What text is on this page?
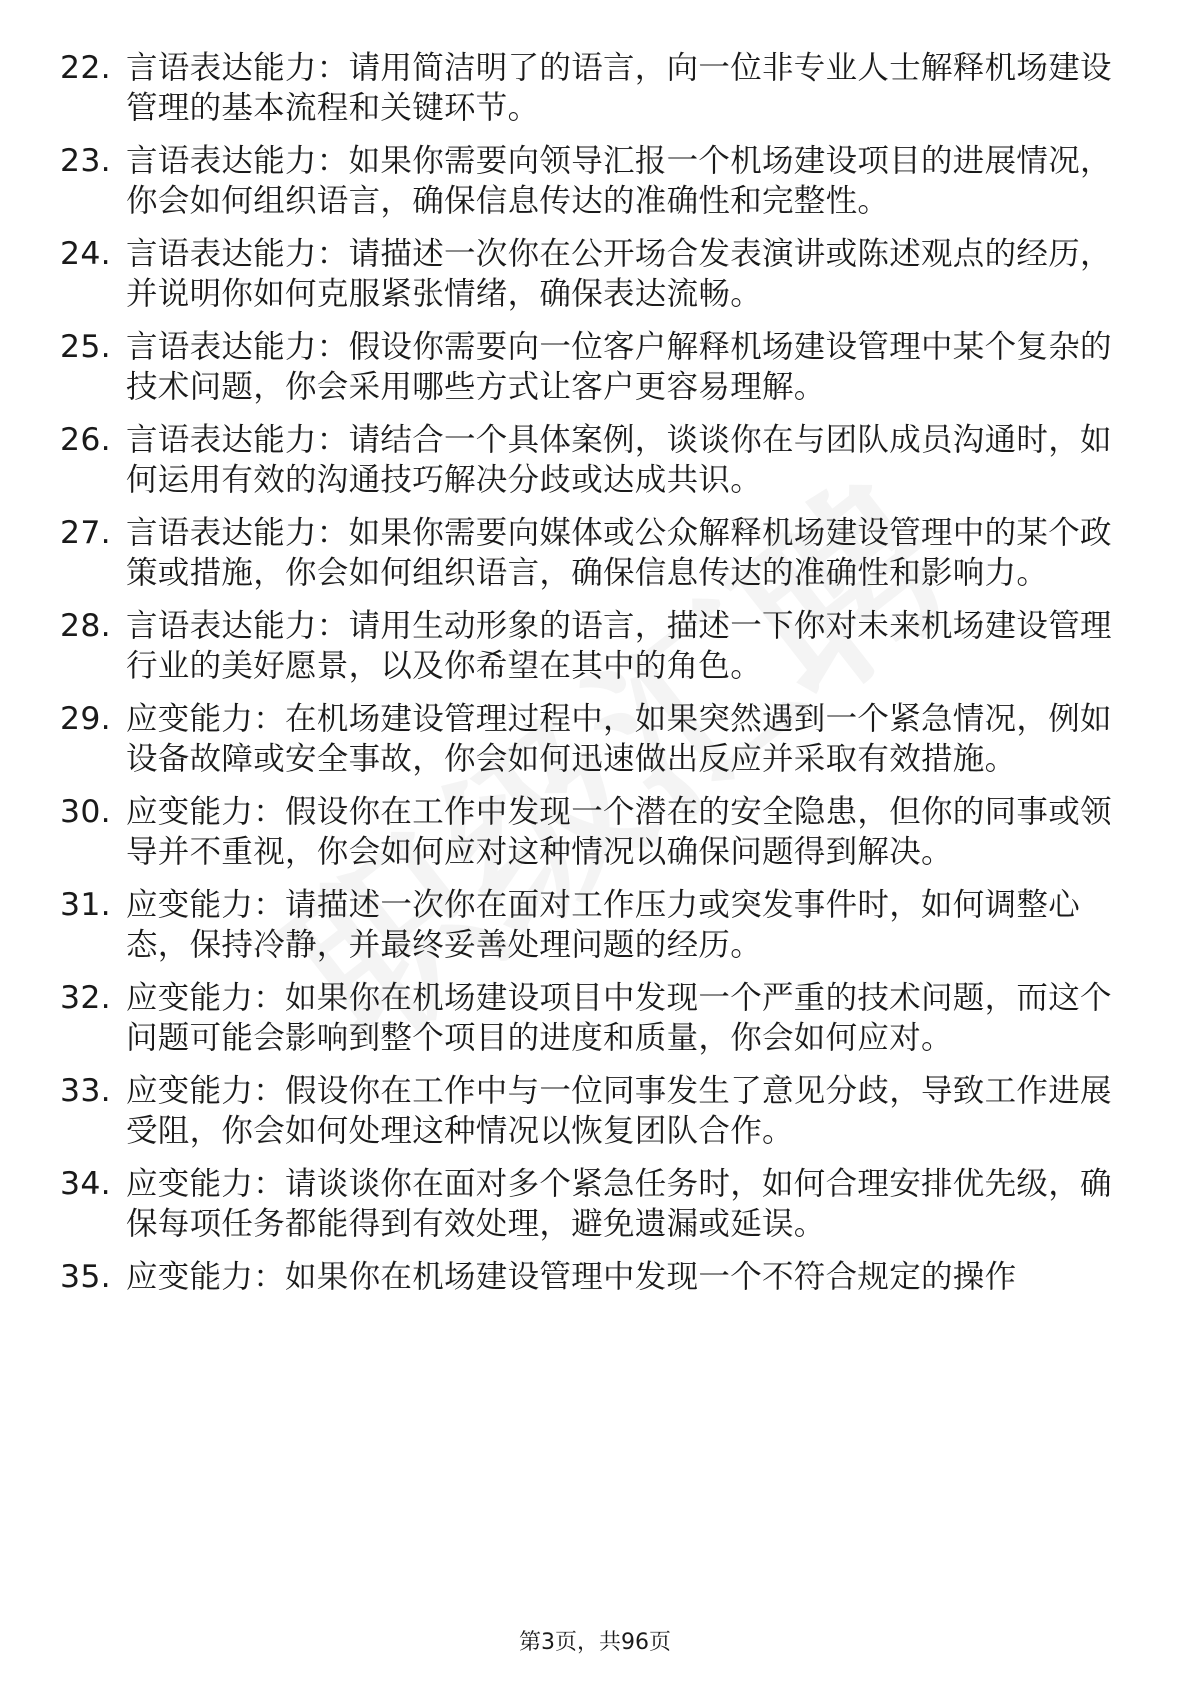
22. 言语表达能力：请用简洁明了的语言，向一位非专业人士解释机场建设管理的基本流程和关键环节。
23. 言语表达能力：如果你需要向领导汇报一个机场建设项目的进展情况，你会如何组织语言，确保信息传达的准确性和完整性。
24. 言语表达能力：请描述一次你在公开场合发表演讲或陈述观点的经历，并说明你如何克服紧张情绪，确保表达流畅。
25. 言语表达能力：假设你需要向一位客户解释机场建设管理中某个复杂的技术问题，你会采用哪些方式让客户更容易理解。
26. 言语表达能力：请结合一个具体案例，谈谈你在与团队成员沟通时，如何运用有效的沟通技巧解决分歧或达成共识。
27. 言语表达能力：如果你需要向媒体或公众解释机场建设管理中的某个政策或措施，你会如何组织语言，确保信息传达的准确性和影响力。
28. 言语表达能力：请用生动形象的语言，描述一下你对未来机场建设管理行业的美好愿景，以及你希望在其中的角色。
29. 应变能力：在机场建设管理过程中，如果突然遇到一个紧急情况，例如设备故障或安全事故，你会如何迅速做出反应并采取有效措施。
30. 应变能力：假设你在工作中发现一个潜在的安全隐患，但你的同事或领导并不重视，你会如何应对这种情况以确保问题得到解决。
31. 应变能力：请描述一次你在面对工作压力或突发事件时，如何调整心态，保持冷静，并最终妥善处理问题的经历。
32. 应变能力：如果你在机场建设项目中发现一个严重的技术问题，而这个问题可能会影响到整个项目的进度和质量，你会如何应对。
33. 应变能力：假设你在工作中与一位同事发生了意见分歧，导致工作进展受阻，你会如何处理这种情况以恢复团队合作。
34. 应变能力：请谈谈你在面对多个紧急任务时，如何合理安排优先级，确保每项任务都能得到有效处理，避免遗漏或延误。
35. 应变能力：如果你在机场建设管理中发现一个不符合规定的操作
第3页，共96页
